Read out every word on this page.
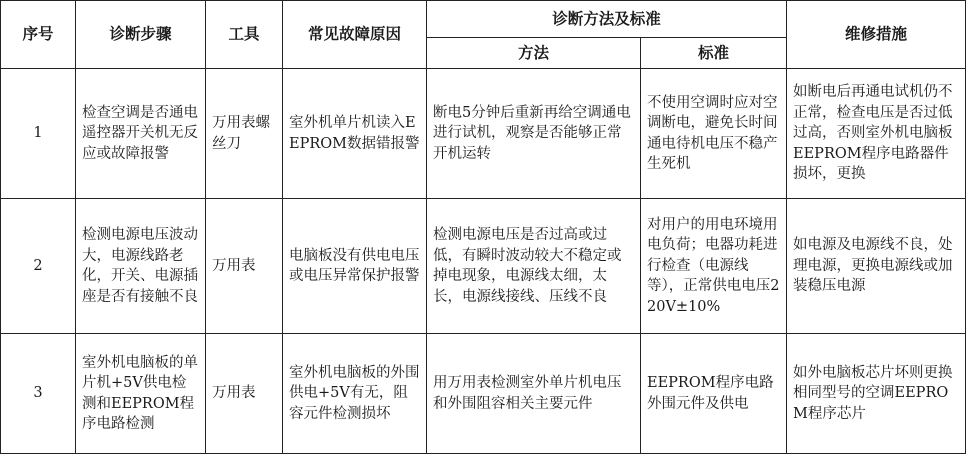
序号	诊断步骤	工具	常见故障原因	诊断方法及标准		维修措施
				方法	标准	
1	检查空调是否通电遥控器开关机无反应或故障报警	万用表螺丝刀	室外机单片机读入EEPROM数据错报警	断电5分钟后重新再给空调通电进行试机，观察是否能够正常开机运转	不使用空调时应对空调断电，避免长时间通电待机电压不稳产生死机	如断电后再通电试机仍不正常，检查电压是否过低过高，否则室外机电脑板EEPROM程序电路器件损坏，更换
2	检测电源电压波动大，电源线路老化，开关、电源插座是否有接触不良	万用表	电脑板没有供电电压或电压异常保护报警	检测电源电压是否过高或过低，有瞬时波动较大不稳定或掉电现象，电源线太细，太长，电源线接线、压线不良	对用户的用电环境用电负荷；电器功耗进行检查（电源线等），正常供电电压220V±10%	如电源及电源线不良，处理电源，更换电源线或加装稳压电源
3	室外机电脑板的单片机+5V供电检测和EEPROM程序电路检测	万用表	室外机电脑板的外围供电+5V有无，阻容元件检测损坏	用万用表检测室外单片机电压和外围阻容相关主要元件	EEPROM程序电路外围元件及供电	如外电脑板芯片坏则更换相同型号的空调EEPROM程序芯片
